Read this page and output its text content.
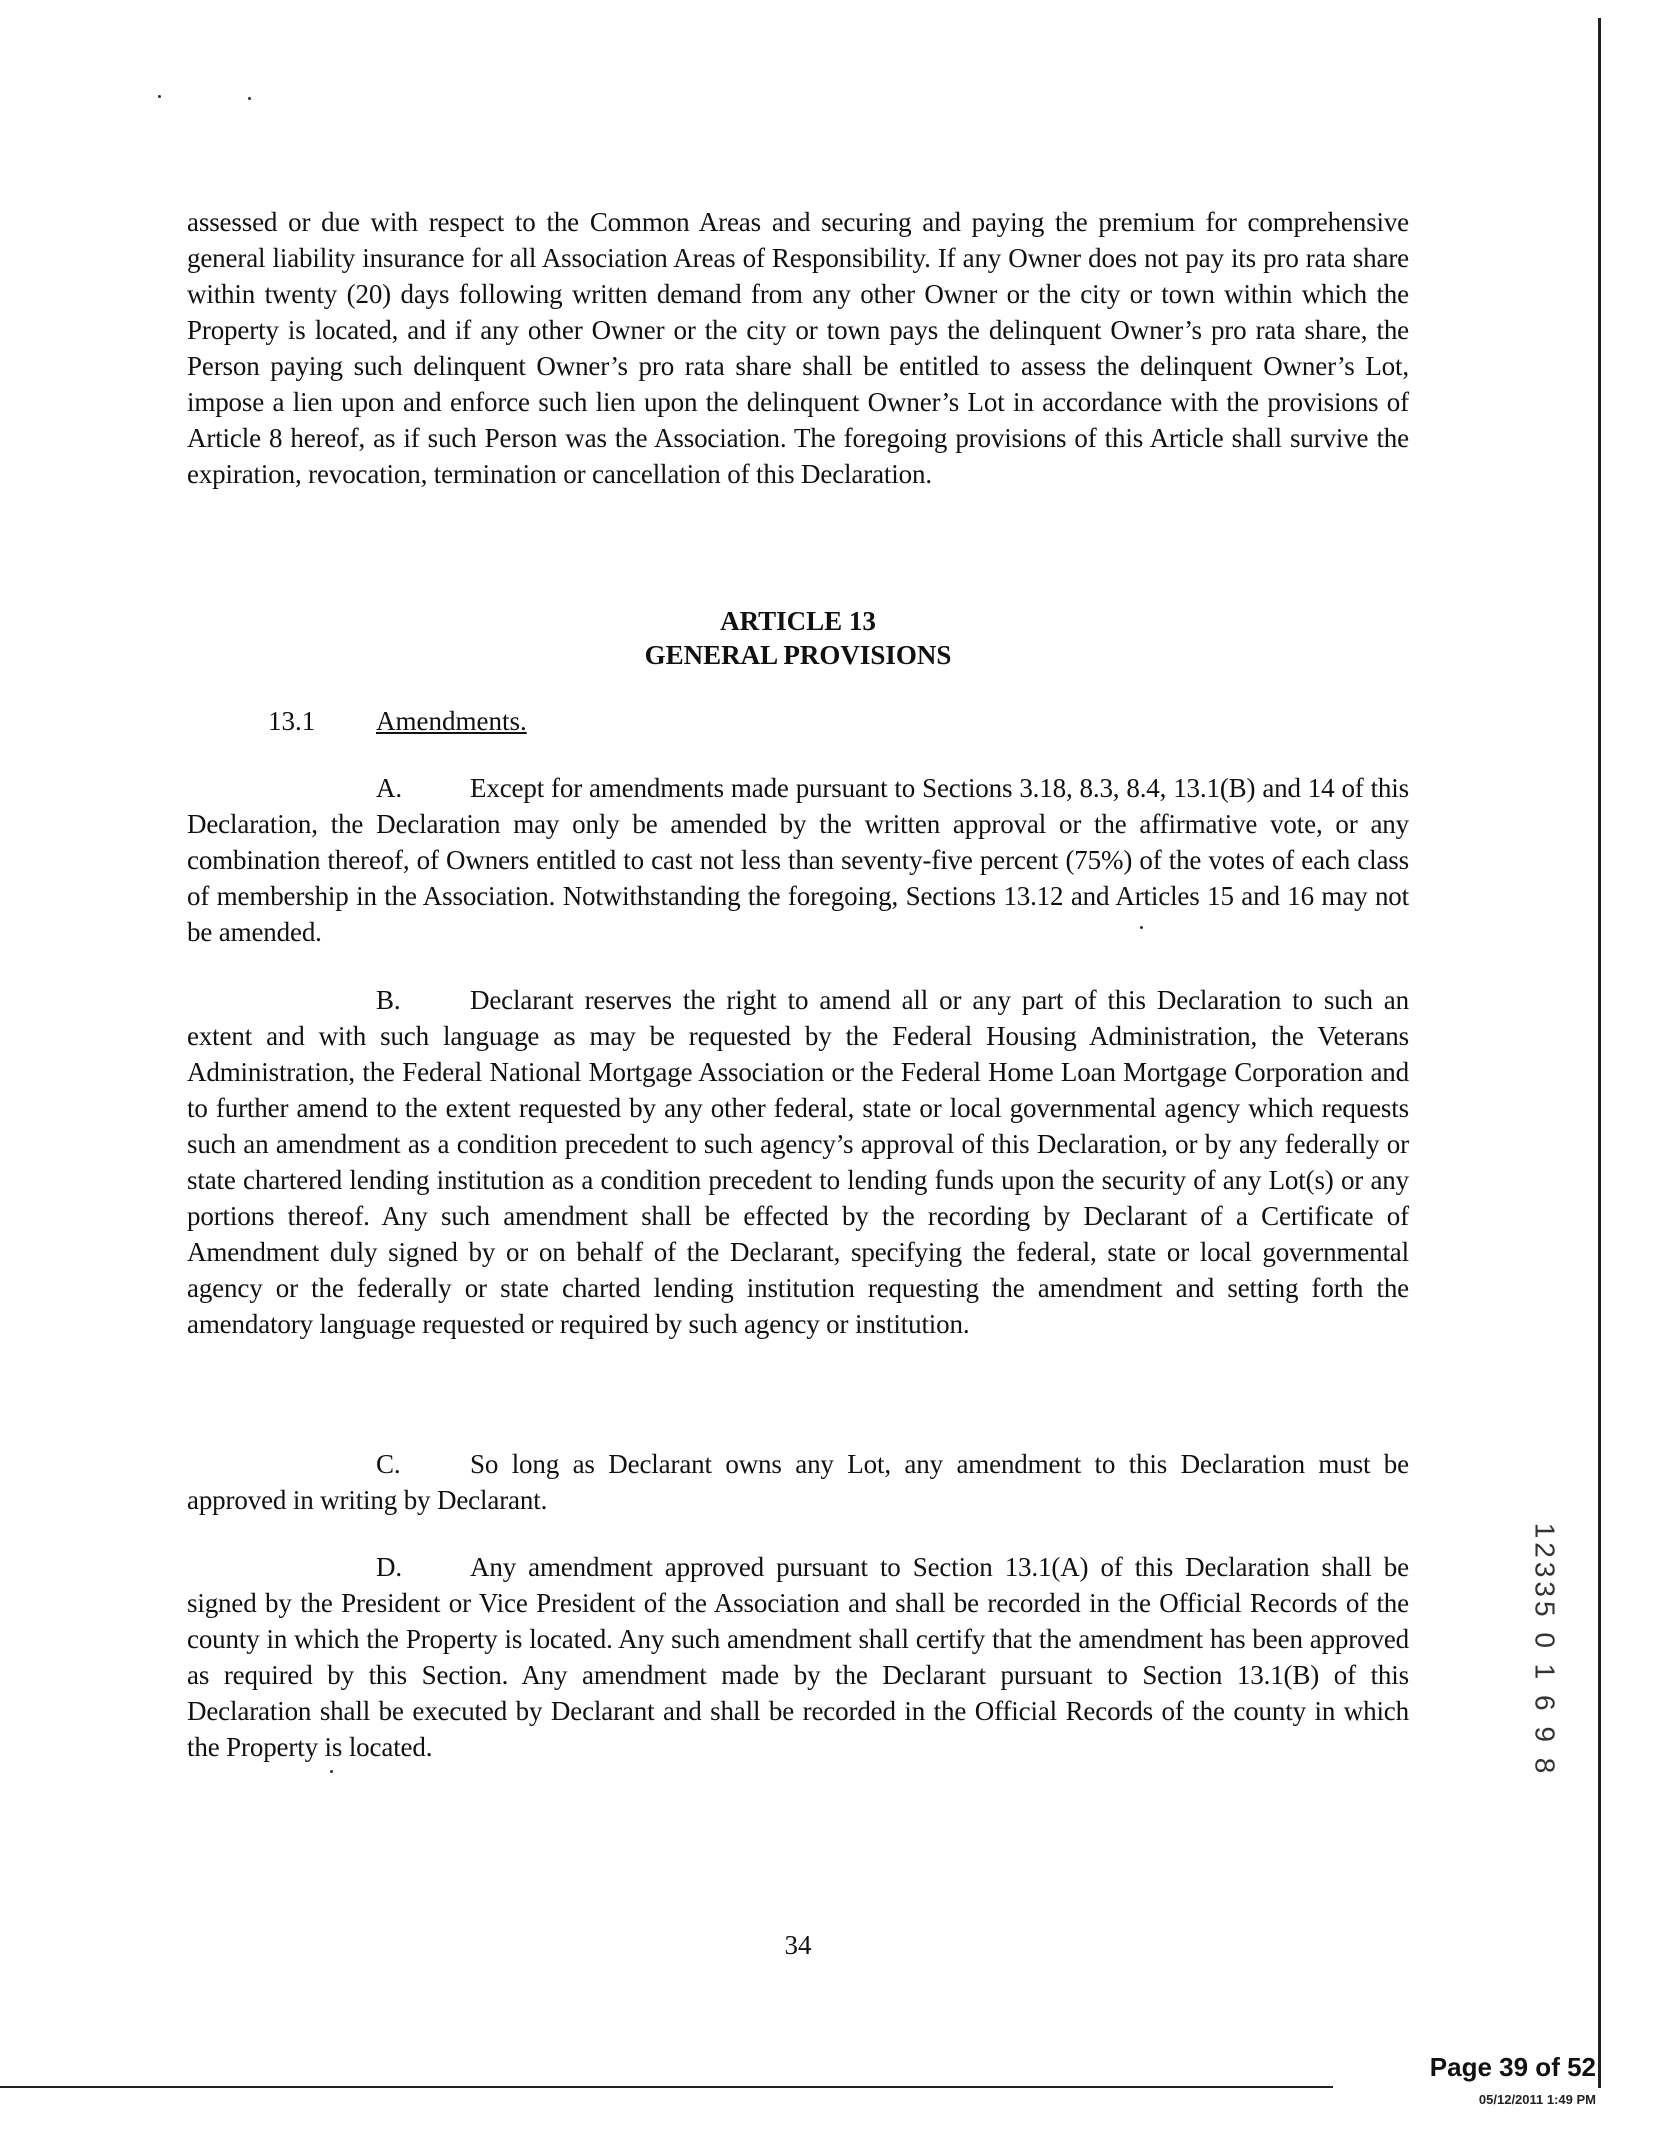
assessed or due with respect to the Common Areas and securing and paying the premium for comprehensive general liability insurance for all Association Areas of Responsibility. If any Owner does not pay its pro rata share within twenty (20) days following written demand from any other Owner or the city or town within which the Property is located, and if any other Owner or the city or town pays the delinquent Owner’s pro rata share, the Person paying such delinquent Owner’s pro rata share shall be entitled to assess the delinquent Owner’s Lot, impose a lien upon and enforce such lien upon the delinquent Owner’s Lot in accordance with the provisions of Article 8 hereof, as if such Person was the Association. The foregoing provisions of this Article shall survive the expiration, revocation, termination or cancellation of this Declaration.

ARTICLE 13
GENERAL PROVISIONS
13.1 Amendments.

A.	Except for amendments made pursuant to Sections 3.18, 8.3, 8.4, 13.1(B) and 14 of this Declaration, the Declaration may only be amended by the written approval or the affirmative vote, or any combination thereof, of Owners entitled to cast not less than seventy-five percent (75%) of the votes of each class of membership in the Association. Notwithstanding the foregoing, Sections 13.12 and Articles 15 and 16 may not be amended.

B.	Declarant reserves the right to amend all or any part of this Declaration to such an extent and with such language as may be requested by the Federal Housing Administration, the Veterans Administration, the Federal National Mortgage Association or the Federal Home Loan Mortgage Corporation and to further amend to the extent requested by any other federal, state or local governmental agency which requests such an amendment as a condition precedent to such agency’s approval of this Declaration, or by any federally or state chartered lending institution as a condition precedent to lending funds upon the security of any Lot(s) or any portions thereof. Any such amendment shall be effected by the recording by Declarant of a Certificate of Amendment duly signed by or on behalf of the Declarant, specifying the federal, state or local governmental agency or the federally or state charted lending institution requesting the amendment and setting forth the amendatory language requested or required by such agency or institution.

C.	So long as Declarant owns any Lot, any amendment to this Declaration must be approved in writing by Declarant.

D.	Any amendment approved pursuant to Section 13.1(A) of this Declaration shall be signed by the President or Vice President of the Association and shall be recorded in the Official Records of the county in which the Property is located. Any such amendment shall certify that the amendment has been approved as required by this Section. Any amendment made by the Declarant pursuant to Section 13.1(B) of this Declaration shall be executed by Declarant and shall be recorded in the Official Records of the county in which the Property is located.	12335 0 1 6 9 8
34
Page 39 of 52
05/12/2011 1:49 PM
